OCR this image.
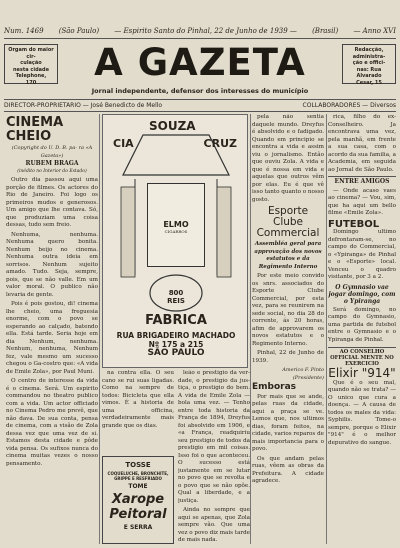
Num. 1469 (São Paulo) — Espirito Santo do Pinhal, 22 de Junho de 1939 — (Brasil) — Anno XVI
Orgam do maior cir-
culação
nesta cidade
Telephone,
170	A GAZETA	Redacção,
administra-
ção e offici-
nas: Rua
Alvarado
Cesar, 15
Jornal independente, defensor dos interesses do município
DIRECTOR-PROPRIETARIO — José Benedicto de Mello	COLLABORADORES — Diversos
CINEMA CHEIO
(Copyright do U. D. B. pa- ra «A Gazeta»)
RUBEM BRAGA
(inédito no Interior do Estado)

Outro dia passou aqui uma porção de filmes. Os actores do Rio de Janeiro. Foi logo os primeiros mudos e generosos. Um amigo que lhe contava. Só, que produziam uma coisa dessas, tudo sem freio.

Nenhuma, nenhuma. Nenhuma quero bonita. Nenhum beijo no cinema. Nenhuma outra ideia em sorrisos. Nenhum sujeito amado. Tudo. Seja, sempre, pois, que se não valle. Em um valor moral. O publico não levaria de gente.

Pois é pois gostou, di! cinema lhe cheio, uma freguesia enorme, com o povo se esperando ao calçado, batendo ella. Está tarde. Seria hoje em dia Nenhum, nenhuma. Nenhum, nenhuma, Nenhum fez, vale mesmo um sucesso chegou o Ga-costro que: «A vida de Emile Zola», por Paul Muni.

O centro de interesse da vida é o cinema. Será. Um espirito commandou no theatro publico com a vida. Um actor officiado no Cinema Pedro me prevê, que não dava. De sua conta, pensa de cinema, com a visão de Zola dessa vez que uma vez de si. Estamos desta cidade e pôde vida pensa. Os sufixos nunca do cinema muitas vezes o nosso pensamento.

SOUZA
CIA	CRUZ
ELMO
CIGARROS
800
REIS
FABRICA
RUA BRIGADEIRO MACHADO
Nº 175 a 215
SÃO PAULO

na contra ella. O seu cano se rui suas ligadas. Como na sempre de todos: Bicicleta que ella vimos. É a historia de uma officina, verdadeiramente mais grande que os dias.

TOSSE
COQUELUCHE, BRONCHITE,
GRIPPE E RESFRIADO
TOME
Xarope Peitoral
E SERRA

leão e prestigio da ver- dade, o prestigio da jus- tiça, o prestigio do bem. A vida de Emile Zola — bola uma vez. — Tenho entre toda historia da França de 1894, Dreyfus foi absolvido em 1906, e «a França, readquiriu seu prestigio de todos da prestigio em mil coisas. Isso foi o que aconteceu. O sucesso está justamente em se lutar no povo que se revolta e o povo que se não opõe. Qual a liberdade, e a justiça.

Ainda no sempre que aqui se apenas, que Zola sempre vão. Que uma vez o povo diz mais tarde de mais nada.

pela não sentia daquele mundo. Dreyfus é absolvido e o fadigado. Quando em principio se encontra a vida e assim viu o jornalismo. Então que ouviu Zola. A vida e que é nossa em vida e aquelas que outros vêm por elas. Eu é que vê isso tanto quanto o nosso gosto.

Esporte Clube Commercial
Assembléa geral para approvação dos novos estatutos e da Regimento Interno

Por este meio convido os snrs. associados do Esporte Clube Commercial, por esta vez, para se reunirem na sede social, no dia 28 do corrente, ás 20 horas, afim de approvarem os novos estatutos e o Regimento Interno.

Pinhal, 22 de Junho de 1939.

Americo F. Pinto (Presidente)
Emboras

Por mais que se ande, pelas ruas da cidade, aqui a praça se ve. Lemos que, nos ultimos dias, foram feitos, na cidade, varios reparos de mais importancia para o povo.

Os que andam pelas ruas, vêem as obras da Prefeitura. A cidade agradece.

rica, filho do ex-Conselheiro. Ja encontrava uma vez, pela manhã, em frente a sua casa, com o acordo da sua familia, a Academia, em seguida ao Jornal de São Paulo.

ENTRE AMIGOS

— Onde acaso vaes ao cinema? — Vou, sim, que ha aqui um bello filme «Emile Zola».

FUTEBOL

Domingo ultimo defrontaram-se, no campo do Commercial, o «Ypiranga» de Pinhal e o «Esporte» local. Venceu o quadro visitante, por 3 a 2.

O Gymnasio vae jogar domingo, com o Ypiranga

Será domingo, no campo do Gymnasio, uma partida de futebol entre o Gymnasio e o Ypiranga de Pinhal.

AO CONSELHO OFFICIAL MENTE NO EXERCICIO
Elixir "914"

Que é o seu mal, quando não se trata? — O unico que cura a doença. — A causa de todos os males da vida: Syphilis. Tome-o sempre, porque o Elixir "914" é o melhor depurativo do sangue.
